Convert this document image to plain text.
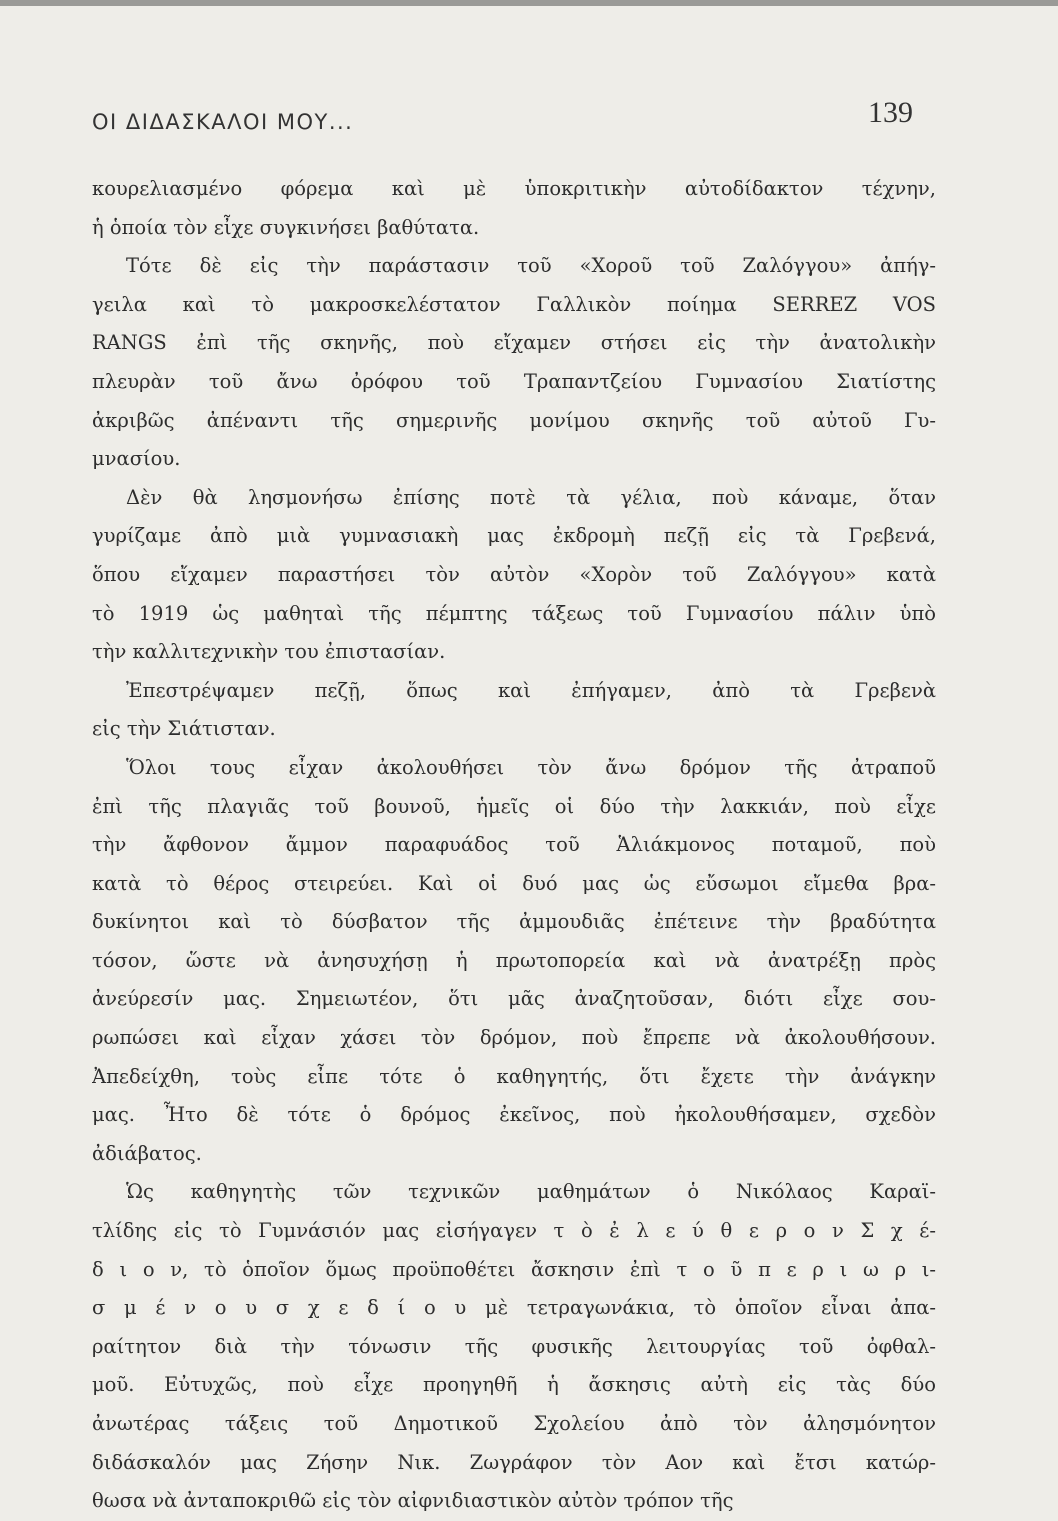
ΟΙ ΔΙΔΑΣΚΑΛΟΙ ΜΟΥ...	139
κουρελιασμένο φόρεμα καὶ μὲ ὑποκριτικὴν αὐτοδίδακτον τέχνην,
ἡ ὁποία τὸν εἶχε συγκινήσει βαθύτατα.
Τότε δὲ εἰς τὴν παράστασιν τοῦ «Χοροῦ τοῦ Ζαλόγγου» ἀπήγ-
γειλα καὶ τὸ μακροσκελέστατον Γαλλικὸν ποίημα SERREZ VOS
RANGS ἐπὶ τῆς σκηνῆς, ποὺ εἴχαμεν στήσει εἰς τὴν ἀνατολικὴν
πλευρὰν τοῦ ἄνω ὀρόφου τοῦ Τραπαντζείου Γυμνασίου Σιατίστης
ἀκριβῶς ἀπέναντι τῆς σημερινῆς μονίμου σκηνῆς τοῦ αὐτοῦ Γυ-
μνασίου.
Δὲν θὰ λησμονήσω ἐπίσης ποτὲ τὰ γέλια, ποὺ κάναμε, ὅταν
γυρίζαμε ἀπὸ μιὰ γυμνασιακὴ μας ἐκδρομὴ πεζῇ εἰς τὰ Γρεβενά,
ὅπου εἴχαμεν παραστήσει τὸν αὐτὸν «Χορὸν τοῦ Ζαλόγγου» κατὰ
τὸ 1919 ὡς μαθηταὶ τῆς πέμπτης τάξεως τοῦ Γυμνασίου πάλιν ὑπὸ
τὴν καλλιτεχνικὴν του ἐπιστασίαν.
Ἐπεστρέψαμεν πεζῇ, ὅπως καὶ ἐπήγαμεν, ἀπὸ τὰ Γρεβενὰ
εἰς τὴν Σιάτισταν.
Ὅλοι τους εἶχαν ἀκολουθήσει τὸν ἄνω δρόμον τῆς ἀτραποῦ
ἐπὶ τῆς πλαγιᾶς τοῦ βουνοῦ, ἡμεῖς οἱ δύο τὴν λακκιάν, ποὺ εἶχε
τὴν ἄφθονον ἄμμον παραφυάδος τοῦ Ἁλιάκμονος ποταμοῦ, ποὺ
κατὰ τὸ θέρος στειρεύει. Καὶ οἱ δυό μας ὡς εὔσωμοι εἴμεθα βρα-
δυκίνητοι καὶ τὸ δύσβατον τῆς ἀμμουδιᾶς ἐπέτεινε τὴν βραδύτητα
τόσον, ὥστε νὰ ἀνησυχήσῃ ἡ πρωτοπορεία καὶ νὰ ἀνατρέξῃ πρὸς
ἀνεύρεσίν μας. Σημειωτέον, ὅτι μᾶς ἀναζητοῦσαν, διότι εἶχε σου-
ρωπώσει καὶ εἶχαν χάσει τὸν δρόμον, ποὺ ἔπρεπε νὰ ἀκολουθήσουν.
Ἀπεδείχθη, τοὺς εἶπε τότε ὁ καθηγητής, ὅτι ἔχετε τὴν ἀνάγκην
μας. Ἦτο δὲ τότε ὁ δρόμος ἐκεῖνος, ποὺ ἠκολουθήσαμεν, σχεδὸν
ἀδιάβατος.
Ὡς καθηγητὴς τῶν τεχνικῶν μαθημάτων ὁ Νικόλαος Καραϊ-
τλίδης εἰς τὸ Γυμνάσιόν μας εἰσήγαγεν τ ὸ ἐ λ ε ύ θ ε ρ ο ν Σ χ έ-
δ ι ο ν, τὸ ὁποῖον ὅμως προϋποθέτει ἄσκησιν ἐπὶ τ ο ῦ π ε ρ ι ω ρ ι-
σ μ έ ν ο υ σ χ ε δ ί ο υ μὲ τετραγωνάκια, τὸ ὁποῖον εἶναι ἀπα-
ραίτητον διὰ τὴν τόνωσιν τῆς φυσικῆς λειτουργίας τοῦ ὀφθαλ-
μοῦ. Εὐτυχῶς, ποὺ εἶχε προηγηθῆ ἡ ἄσκησις αὐτὴ εἰς τὰς δύο
ἀνωτέρας τάξεις τοῦ Δημοτικοῦ Σχολείου ἀπὸ τὸν ἀλησμόνητον
διδάσκαλόν μας Ζήσην Νικ. Ζωγράφον τὸν Αον καὶ ἔτσι κατώρ-
θωσα νὰ ἀνταποκριθῶ εἰς τὸν αἰφνιδιαστικὸν αὐτὸν τρόπον τῆς
